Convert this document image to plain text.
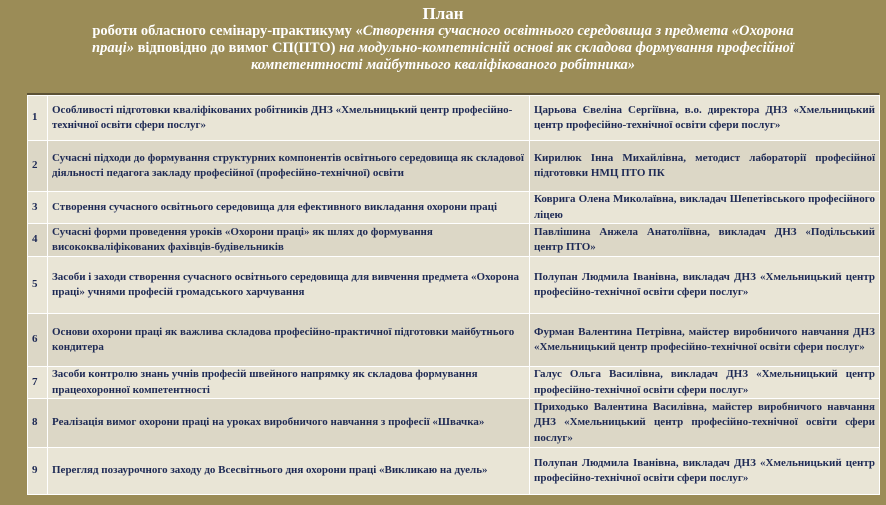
План
роботи обласного семінару-практикуму «Створення сучасного освітнього середовища з предмета «Охорона
праці» відповідно до вимог СП(ПТО) на модульно-компетнісній основі як складова формування професійної
компетентності майбутнього кваліфікованого робітника»
1	Особливості підготовки кваліфікованих робітників ДНЗ «Хмельницький центр професійно-технічної освіти сфери послуг»	Царьова Євеліна Сергіївна, в.о. директора ДНЗ «Хмельницький центр професійно-технічної освіти сфери послуг»
2	Сучасні підходи до формування структурних компонентів освітнього середовища як складової діяльності педагога закладу професійної (професійно-технічної) освіти	Кирилюк Інна Михайлівна, методист лабораторії професійної підготовки НМЦ ПТО ПК
3	Створення сучасного освітнього середовища для ефективного викладання охорони праці	Коврига Олена Миколаївна, викладач Шепетівського професійного ліцею
4	Сучасні форми проведення уроків «Охорони праці» як шлях до формування висококваліфікованих фахівців-будівельників	Павлішина Анжела Анатоліївна, викладач ДНЗ «Подільський центр ПТО»
5	Засоби і заходи створення сучасного освітнього середовища для вивчення предмета «Охорона праці» учнями професій громадського харчування	Полупан Людмила Іванівна, викладач ДНЗ «Хмельницький центр професійно-технічної освіти сфери послуг»
6	Основи охорони праці як важлива складова професійно-практичної підготовки майбутнього кондитера	Фурман Валентина Петрівна, майстер виробничого навчання ДНЗ «Хмельницький центр професійно-технічної освіти сфери послуг»
7	Засоби контролю знань учнів професій швейного напрямку як складова формування працеохоронної компетентності	Галус Ольга Василівна, викладач ДНЗ «Хмельницький центр професійно-технічної освіти сфери послуг»
8	Реалізація вимог охорони праці на уроках виробничого навчання з професії «Швачка»	Приходько Валентина Василівна, майстер виробничого навчання ДНЗ «Хмельницький центр професійно-технічної освіти сфери послуг»
9	Перегляд позаурочного заходу до Всесвітнього дня охорони праці «Викликаю на дуель»	Полупан Людмила Іванівна, викладач ДНЗ «Хмельницький центр професійно-технічної освіти сфери послуг»
